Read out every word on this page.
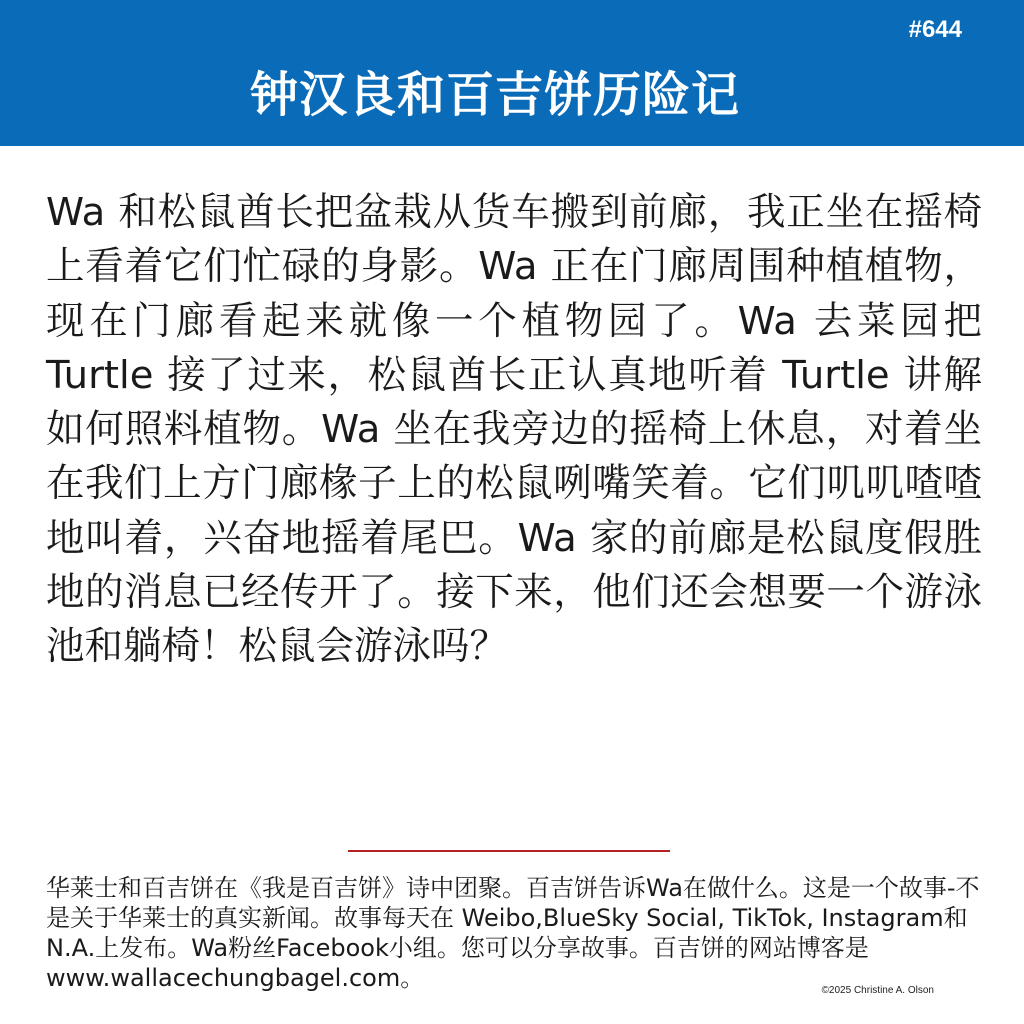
#644
钟汉良和百吉饼历险记

Wa 和松鼠酋长把盆栽从货车搬到前廊，我正坐在摇椅上看着它们忙碌的身影。Wa 正在门廊周围种植植物，现在门廊看起来就像一个植物园了。Wa 去菜园把 Turtle 接了过来，松鼠酋长正认真地听着 Turtle 讲解如何照料植物。Wa 坐在我旁边的摇椅上休息，对着坐在我们上方门廊椽子上的松鼠咧嘴笑着。它们叽叽喳喳地叫着，兴奋地摇着尾巴。Wa 家的前廊是松鼠度假胜地的消息已经传开了。接下来，他们还会想要一个游泳池和躺椅！松鼠会游泳吗？

华莱士和百吉饼在《我是百吉饼》诗中团聚。百吉饼告诉Wa在做什么。这是一个故事-不是关于华莱士的真实新闻。故事每天在 Weibo,BlueSky Social, TikTok, Instagram和N.A.上发布。Wa粉丝Facebook小组。您可以分享故事。百吉饼的网站博客是www.wallacechungbagel.com。	©2025 Christine A. Olson
